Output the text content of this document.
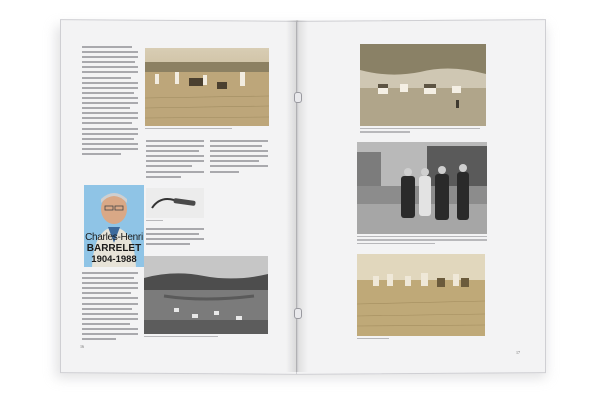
Charles-Henri
BARRELET
1904-1988
16
17
